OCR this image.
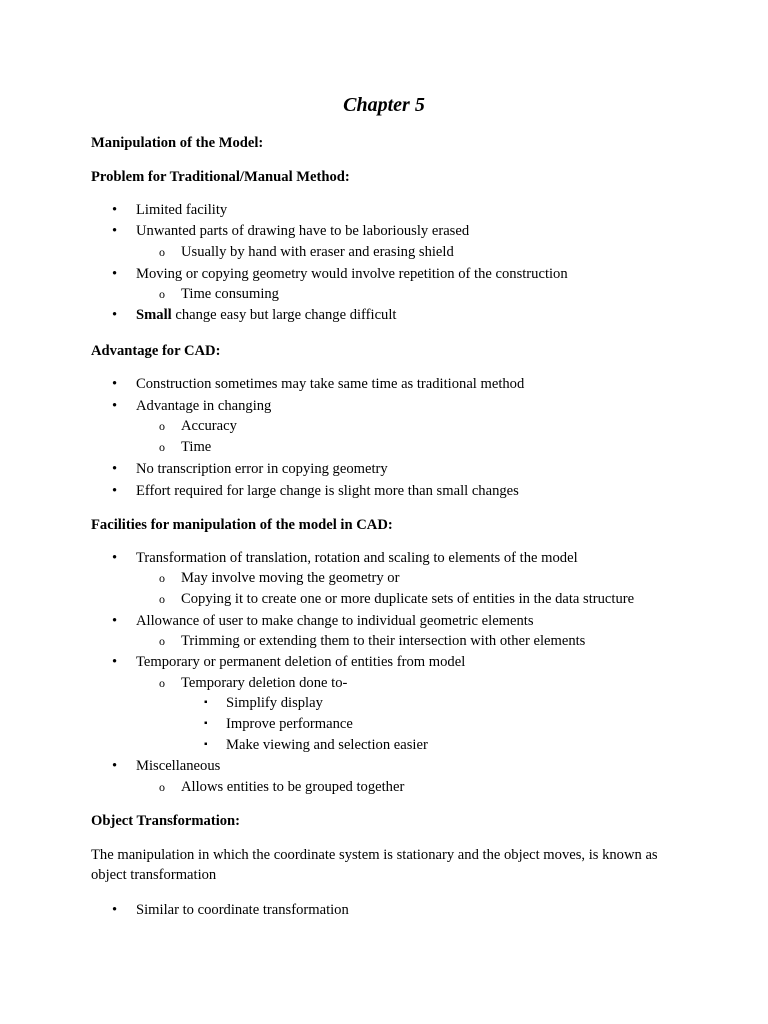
Chapter 5
Manipulation of the Model:
Problem for Traditional/Manual Method:
• Limited facility
• Unwanted parts of drawing have to be laboriously erased
o Usually by hand with eraser and erasing shield
• Moving or copying geometry would involve repetition of the construction
o Time consuming
• Small change easy but large change difficult
Advantage for CAD:
• Construction sometimes may take same time as traditional method
• Advantage in changing
o Accuracy
o Time
• No transcription error in copying geometry
• Effort required for large change is slight more than small changes
Facilities for manipulation of the model in CAD:
• Transformation of translation, rotation and scaling to elements of the model
o May involve moving the geometry or
o Copying it to create one or more duplicate sets of entities in the data structure
• Allowance of user to make change to individual geometric elements
o Trimming or extending them to their intersection with other elements
• Temporary or permanent deletion of entities from model
o Temporary deletion done to-
▪ Simplify display
▪ Improve performance
▪ Make viewing and selection easier
• Miscellaneous
o Allows entities to be grouped together
Object Transformation:
The manipulation in which the coordinate system is stationary and the object moves, is known as object transformation
• Similar to coordinate transformation
